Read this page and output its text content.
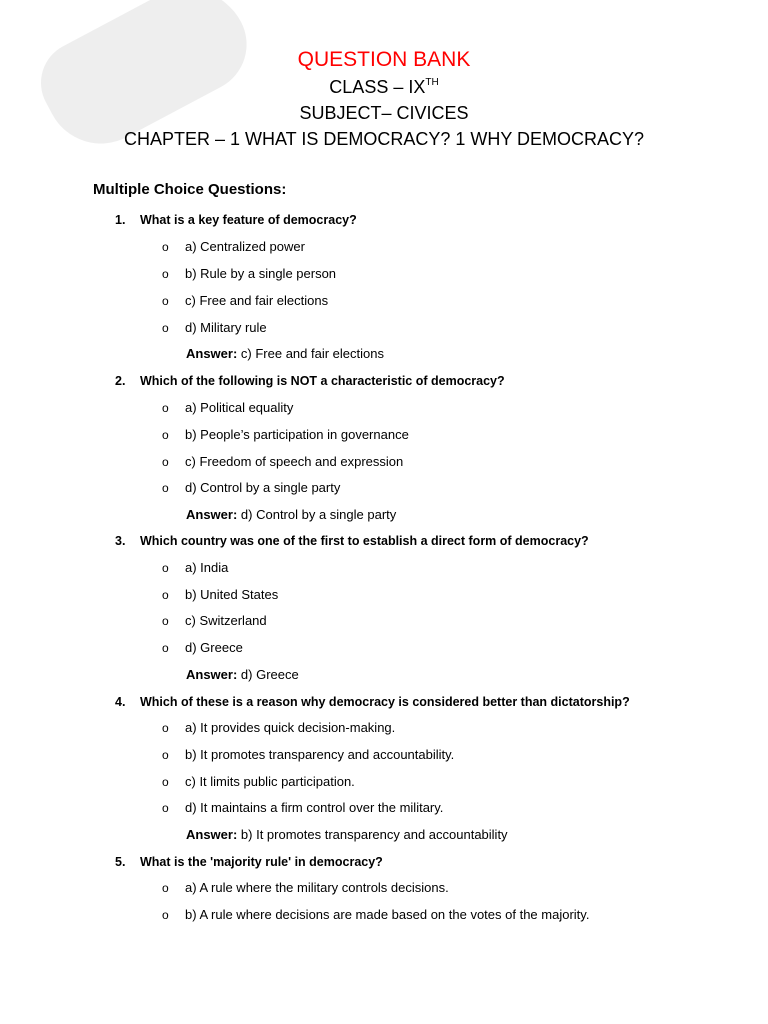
QUESTION BANK
CLASS – IXTH
SUBJECT– CIVICES
CHAPTER – 1 WHAT IS DEMOCRACY? 1 WHY DEMOCRACY?
Multiple Choice Questions:
1. What is a key feature of democracy?
o a) Centralized power
o b) Rule by a single person
o c) Free and fair elections
o d) Military rule
Answer: c) Free and fair elections
2. Which of the following is NOT a characteristic of democracy?
o a) Political equality
o b) People’s participation in governance
o c) Freedom of speech and expression
o d) Control by a single party
Answer: d) Control by a single party
3. Which country was one of the first to establish a direct form of democracy?
o a) India
o b) United States
o c) Switzerland
o d) Greece
Answer: d) Greece
4. Which of these is a reason why democracy is considered better than dictatorship?
o a) It provides quick decision-making.
o b) It promotes transparency and accountability.
o c) It limits public participation.
o d) It maintains a firm control over the military.
Answer: b) It promotes transparency and accountability
5. What is the 'majority rule' in democracy?
o a) A rule where the military controls decisions.
o b) A rule where decisions are made based on the votes of the majority.
